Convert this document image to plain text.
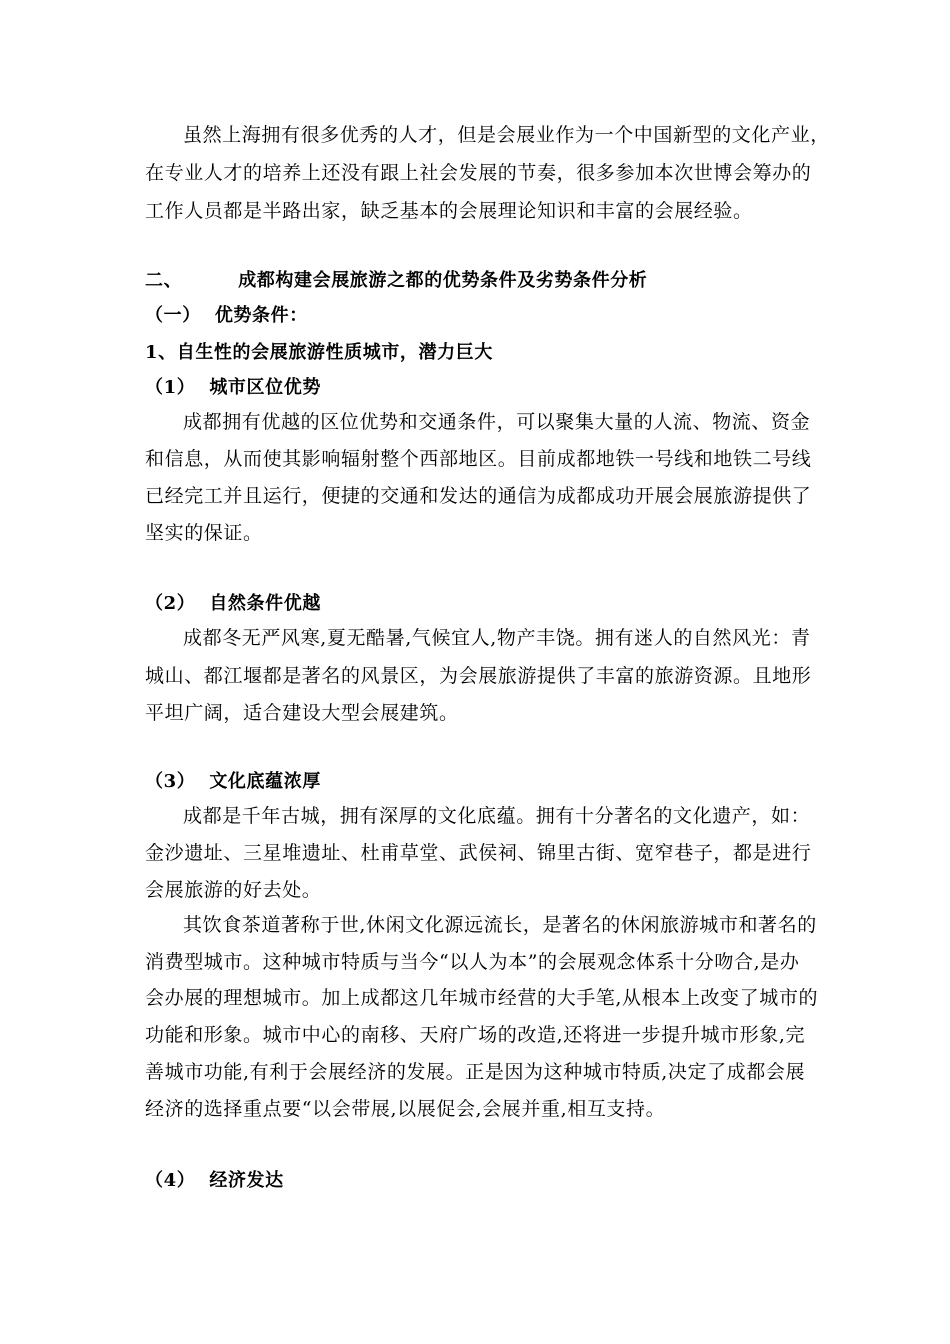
虽然上海拥有很多优秀的人才，但是会展业作为一个中国新型的文化产业，
在专业人才的培养上还没有跟上社会发展的节奏，很多参加本次世博会筹办的
工作人员都是半路出家，缺乏基本的会展理论知识和丰富的会展经验。
二、	成都构建会展旅游之都的优势条件及劣势条件分析
（一） 优势条件：
1、自生性的会展旅游性质城市，潜力巨大
（1） 城市区位优势
成都拥有优越的区位优势和交通条件，可以聚集大量的人流、物流、资金
和信息，从而使其影响辐射整个西部地区。目前成都地铁一号线和地铁二号线
已经完工并且运行，便捷的交通和发达的通信为成都成功开展会展旅游提供了
坚实的保证。
（2） 自然条件优越
成都冬无严风寒,夏无酷暑,气候宜人,物产丰饶。拥有迷人的自然风光：青
城山、都江堰都是著名的风景区，为会展旅游提供了丰富的旅游资源。且地形
平坦广阔，适合建设大型会展建筑。
（3） 文化底蕴浓厚
成都是千年古城，拥有深厚的文化底蕴。拥有十分著名的文化遗产，如：
金沙遗址、三星堆遗址、杜甫草堂、武侯祠、锦里古街、宽窄巷子，都是进行
会展旅游的好去处。
其饮食茶道著称于世,休闲文化源远流长，是著名的休闲旅游城市和著名的
消费型城市。这种城市特质与当今“以人为本”的会展观念体系十分吻合,是办
会办展的理想城市。加上成都这几年城市经营的大手笔,从根本上改变了城市的
功能和形象。城市中心的南移、天府广场的改造,还将进一步提升城市形象,完
善城市功能,有利于会展经济的发展。正是因为这种城市特质,决定了成都会展
经济的选择重点要“以会带展,以展促会,会展并重,相互支持。
（4） 经济发达
